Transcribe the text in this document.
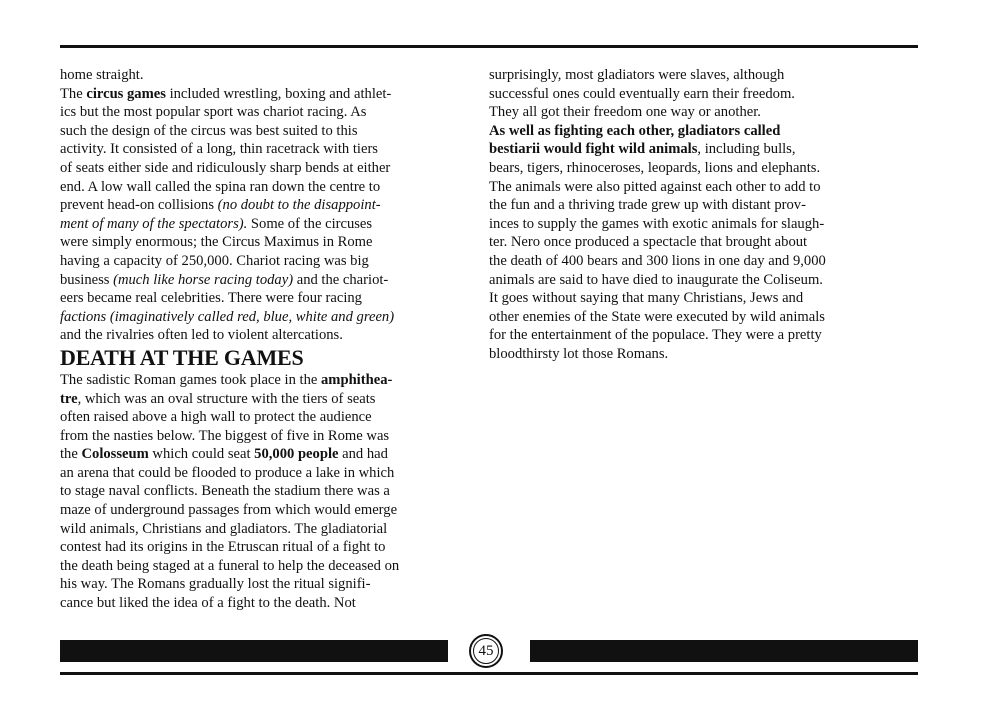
home straight.
The circus games included wrestling, boxing and athlet-
ics but the most popular sport was chariot racing. As
such the design of the circus was best suited to this
activity. It consisted of a long, thin racetrack with tiers
of seats either side and ridiculously sharp bends at either
end. A low wall called the spina ran down the centre to
prevent head-on collisions (no doubt to the disappoint-
ment of many of the spectators). Some of the circuses
were simply enormous; the Circus Maximus in Rome
having a capacity of 250,000. Chariot racing was big
business (much like horse racing today) and the chariot-
eers became real celebrities. There were four racing
factions (imaginatively called red, blue, white and green)
and the rivalries often led to violent altercations.
DEATH AT THE GAMES
The sadistic Roman games took place in the amphithea-
tre, which was an oval structure with the tiers of seats
often raised above a high wall to protect the audience
from the nasties below. The biggest of five in Rome was
the Colosseum which could seat 50,000 people and had
an arena that could be flooded to produce a lake in which
to stage naval conflicts. Beneath the stadium there was a
maze of underground passages from which would emerge
wild animals, Christians and gladiators. The gladiatorial
contest had its origins in the Etruscan ritual of a fight to
the death being staged at a funeral to help the deceased on
his way. The Romans gradually lost the ritual signifi-
cance but liked the idea of a fight to the death. Not
surprisingly, most gladiators were slaves, although
successful ones could eventually earn their freedom.
They all got their freedom one way or another.
As well as fighting each other, gladiators called
bestiarii would fight wild animals, including bulls,
bears, tigers, rhinoceroses, leopards, lions and elephants.
The animals were also pitted against each other to add to
the fun and a thriving trade grew up with distant prov-
inces to supply the games with exotic animals for slaugh-
ter. Nero once produced a spectacle that brought about
the death of 400 bears and 300 lions in one day and 9,000
animals are said to have died to inaugurate the Coliseum.
It goes without saying that many Christians, Jews and
other enemies of the State were executed by wild animals
for the entertainment of the populace. They were a pretty
bloodthirsty lot those Romans.
45
